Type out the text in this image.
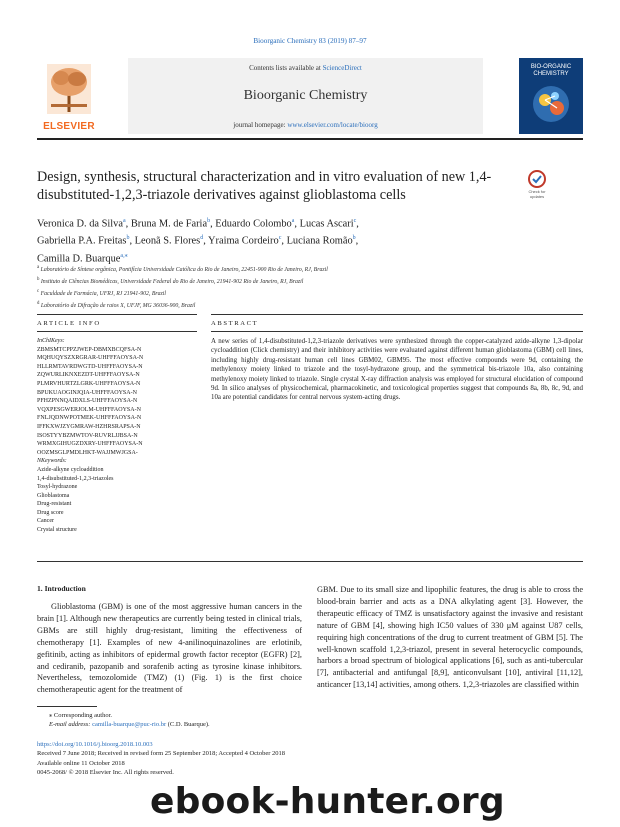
Bioorganic Chemistry 83 (2019) 87–97
ELSEVIER
Contents lists available at ScienceDirect
Bioorganic Chemistry
journal homepage: www.elsevier.com/locate/bioorg
BIO-ORGANIC CHEMISTRY
Design, synthesis, structural characterization and in vitro evaluation of new 1,4-disubstituted-1,2,3-triazole derivatives against glioblastoma cells	Check for updates
Veronica D. da Silva$^a$, Bruna M. de Faria$^b$, Eduardo Colombo$^a$, Lucas Ascari$^c$,
Gabriella P.A. Freitas$^b$, Leonã S. Flores$^d$, Yraima Cordeiro$^c$, Luciana Romão$^b$,
Camilla D. Buarque$^{a,⁎}$
$^a$ Laboratório de Síntese orgânica, Pontifícia Universidade Católica do Rio de Janeiro, 22451-900 Rio de Janeiro, RJ, Brazil
$^b$ Instituto de Ciências Biomédicas, Universidade Federal do Rio de Janeiro, 21941-902 Rio de Janeiro, RJ, Brazil
$^c$ Faculdade de Farmácia, UFRJ, RJ 21941-902, Brazil
$^d$ Laboratório de Difração de raios X, UFJF, MG 36036-900, Brazil
ARTICLE INFO	ABSTRACT
InChIKeys:
ZBMSMTCPPZJWEP-DBMXBCQFSA-N
MQHUQYSZXRGRAR-UHFFFAOYSA-N
HLLRMTAVRDWGTD-UHFFFAOYSA-N
ZQWURLIKNXEZDT-UHFFFAOYSA-N
PLMRVHURTZLGRK-UHFFFAOYSA-N
BPUKUAOGINJQIA-UHFFFAOYSA-N
PFHZPNNQAIDXLS-UHFFFAOYSA-N
VQXPESGWERJOLM-UHFFFAOYSA-N
FNLJQDNWPOTMEK-UHFFFAOYSA-N
IFFKXWJZYGMRAW-HZHRSRAPSA-N
ISOSTYYBZMWTOV-RUVRLJJBSA-N
WRMXGIHUGZDXRY-UHFFFAOYSA-N
OOZMSGLPMDLHKT-WAJJMWJGSA-
NKeywords:
Azide-alkyne cycloaddition
1,4-disubstituted-1,2,3-triazoles
Tosyl-hydrazone
Glioblastoma
Drug-resistant
Drug score
Cancer
Crystal structure
A new series of 1,4-disubstituted-1,2,3-triazole derivatives were synthesized through the copper-catalyzed azide-alkyne 1,3-dipolar cycloaddition (Click chemistry) and their inhibitory activities were evaluated against different human glioblastoma (GBM) cell lines, including highly drug-resistant human cell lines GBM02, GBM95. The most effective compounds were 9d, containing the methylenoxy moiety linked to triazole and the tosyl-hydrazone group, and the symmetrical bis-triazole 10a, also containing methylenoxy moiety linked to triazole. Single crystal X-ray diffraction analysis was employed for structural elucidation of compound 9d. In silico analyses of physicochemical, pharmacokinetic, and toxicological properties suggest that compounds 8a, 8b, 8c, 9d, and 10a are potential candidates for central nervous system-acting drugs.
1. Introduction
Glioblastoma (GBM) is one of the most aggressive human cancers in the brain [1]. Although new therapeutics are currently being tested in clinical trials, GBMs are still highly drug-resistant, limiting the effectiveness of chemotherapy [1]. Examples of new 4-anilinoquinazolines are erlotinib, gefitinib, acting as inhibitors of epidermal growth factor receptor (EGFR) [2], and cediranib, pazopanib and sorafenib acting as tyrosine kinase inhibitors. Nevertheless, temozolomide (TMZ) (1) (Fig. 1) is the first choice chemotherapeutic agent for the treatment of
GBM. Due to its small size and lipophilic features, the drug is able to cross the blood-brain barrier and acts as a DNA alkylating agent [3]. However, the therapeutic efficacy of TMZ is unsatisfactory against the invasive and resistant nature of GBM [4], showing high IC50 values of 330 μM against U87 cells, requiring high concentrations of the drug to current treatment of GBM [5]. The well-known scaffold 1,2,3-triazol, present in several heterocyclic compounds, harbors a broad spectrum of biological applications [6], such as anti-tubercular [7], antibacterial and antifungal [8,9], anticonvulsant [10], antiviral [11,12], anticancer [13,14] activities, among others. 1,2,3-triazoles are classified within
⁎ Corresponding author.
E-mail address: camilla-buarque@puc-rio.br (C.D. Buarque).
https://doi.org/10.1016/j.bioorg.2018.10.003
Received 7 June 2018; Received in revised form 25 September 2018; Accepted 4 October 2018
Available online 11 October 2018
0045-2068/ © 2018 Elsevier Inc. All rights reserved.
ebook-hunter.org
